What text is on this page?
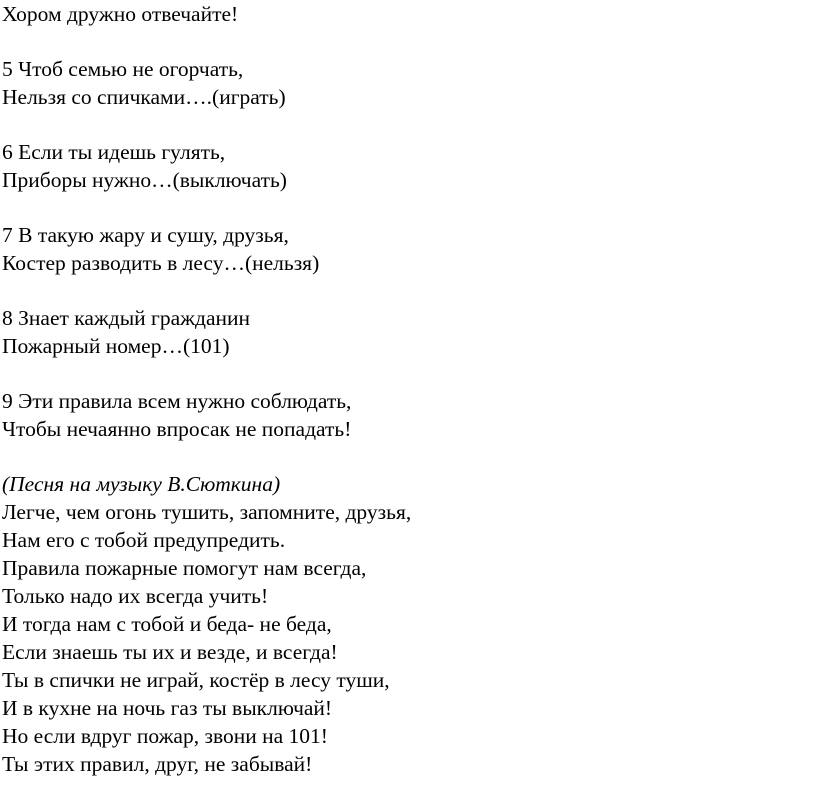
Хором дружно отвечайте!
5 Чтоб семью не огорчать,
Нельзя со спичками….(играть)
6 Если ты идешь гулять,
Приборы нужно…(выключать)
7 В такую жару и сушу, друзья,
Костер разводить в лесу…(нельзя)
8 Знает каждый гражданин
Пожарный номер…(101)
9 Эти правила всем нужно соблюдать,
Чтобы нечаянно впросак не попадать!
(Песня на музыку В.Сюткина)
Легче, чем огонь тушить, запомните, друзья,
Нам его с тобой предупредить.
Правила пожарные помогут нам всегда,
Только надо их всегда учить!
И тогда нам с тобой и беда- не беда,
Если знаешь ты их и везде, и всегда!
Ты в спички не играй, костёр в лесу туши,
И в кухне на ночь газ ты выключай!
Но если вдруг пожар, звони на 101!
Ты этих правил, друг, не забывай!
